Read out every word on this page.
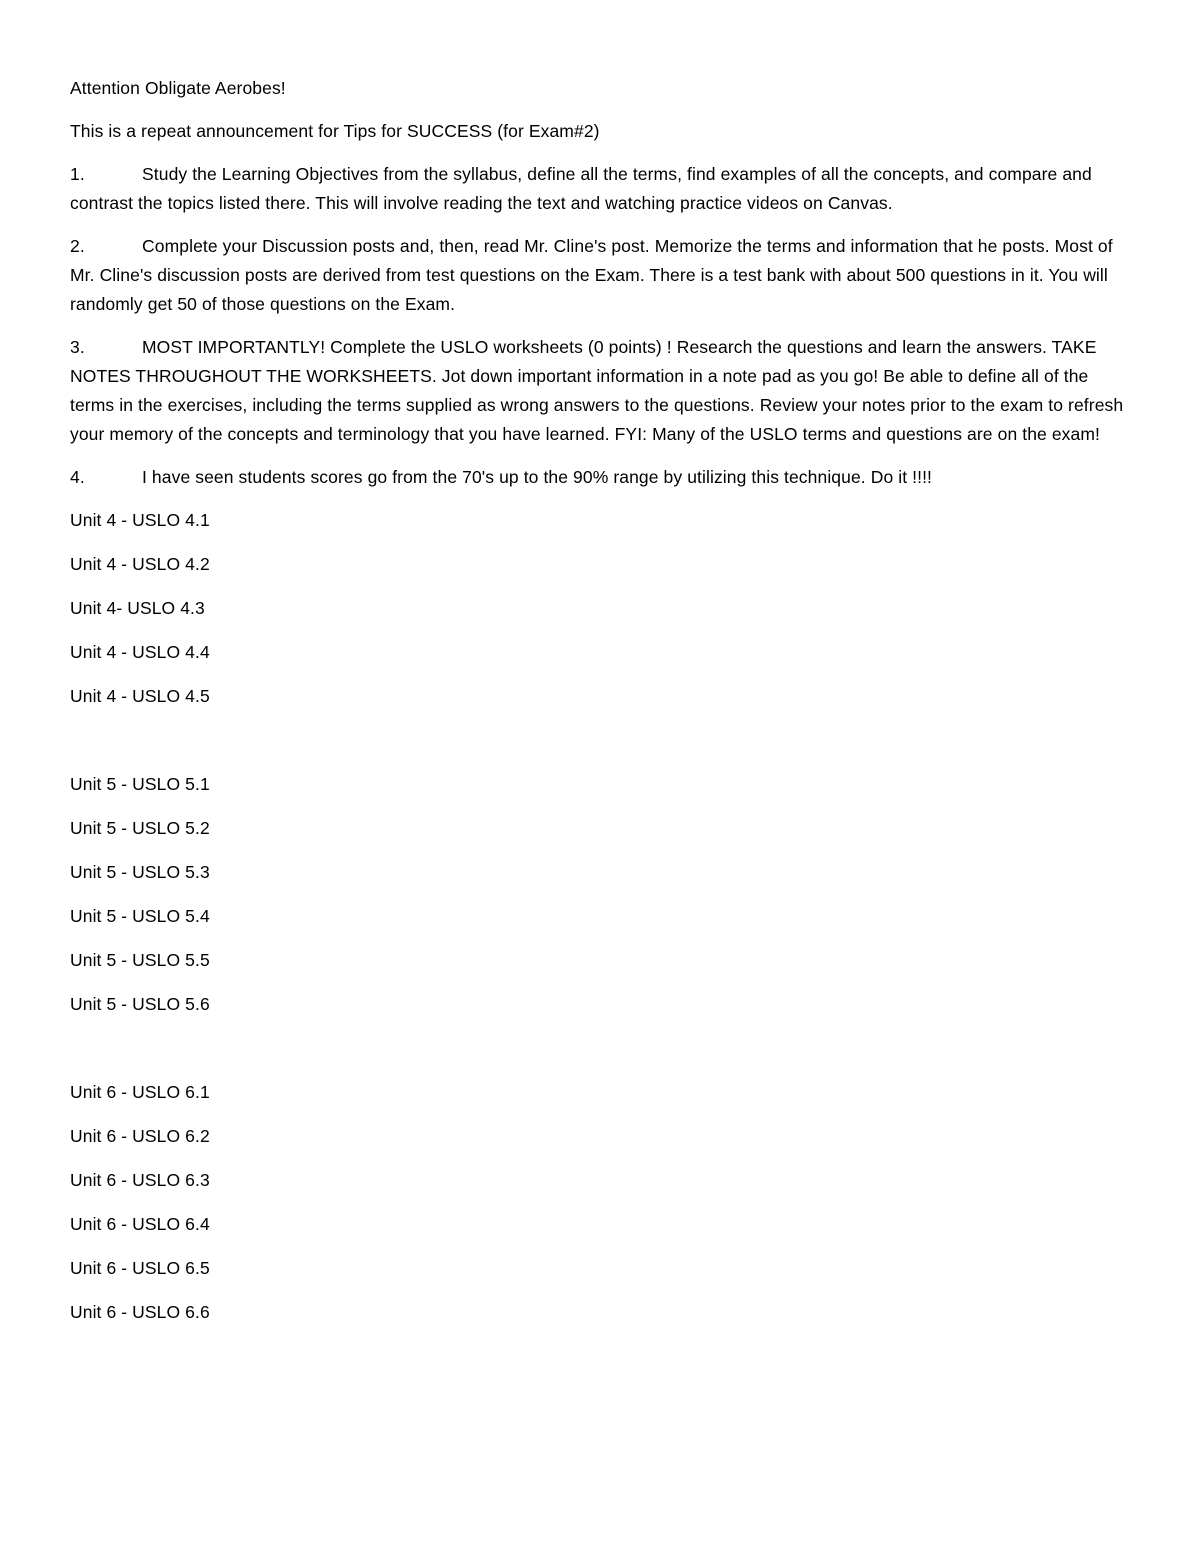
Attention Obligate Aerobes!

This is a repeat announcement for Tips for SUCCESS (for Exam#2)

1.	Study the Learning Objectives from the syllabus, define all the terms, find examples of all the concepts, and compare and contrast the topics listed there. This will involve reading the text and watching practice videos on Canvas.
2.	Complete your Discussion posts and, then, read Mr. Cline's post. Memorize the terms and information that he posts. Most of Mr. Cline's discussion posts are derived from test questions on the Exam. There is a test bank with about 500 questions in it. You will randomly get 50 of those questions on the Exam.
3.	MOST IMPORTANTLY! Complete the USLO worksheets (0 points) ! Research the questions and learn the answers. TAKE NOTES THROUGHOUT THE WORKSHEETS. Jot down important information in a note pad as you go! Be able to define all of the terms in the exercises, including the terms supplied as wrong answers to the questions. Review your notes prior to the exam to refresh your memory of the concepts and terminology that you have learned. FYI: Many of the USLO terms and questions are on the exam!
4.	I have seen students scores go from the 70's up to the 90% range by utilizing this technique. Do it !!!!
Unit 4 - USLO 4.1
Unit 4 - USLO 4.2
Unit 4- USLO 4.3
Unit 4 - USLO 4.4
Unit 4 - USLO 4.5
Unit 5 - USLO 5.1
Unit 5 - USLO 5.2
Unit 5 - USLO 5.3
Unit 5 - USLO 5.4
Unit 5 - USLO 5.5
Unit 5 - USLO 5.6
Unit 6 - USLO 6.1
Unit 6 - USLO 6.2
Unit 6 - USLO 6.3
Unit 6 - USLO 6.4
Unit 6 - USLO 6.5
Unit 6 - USLO 6.6
